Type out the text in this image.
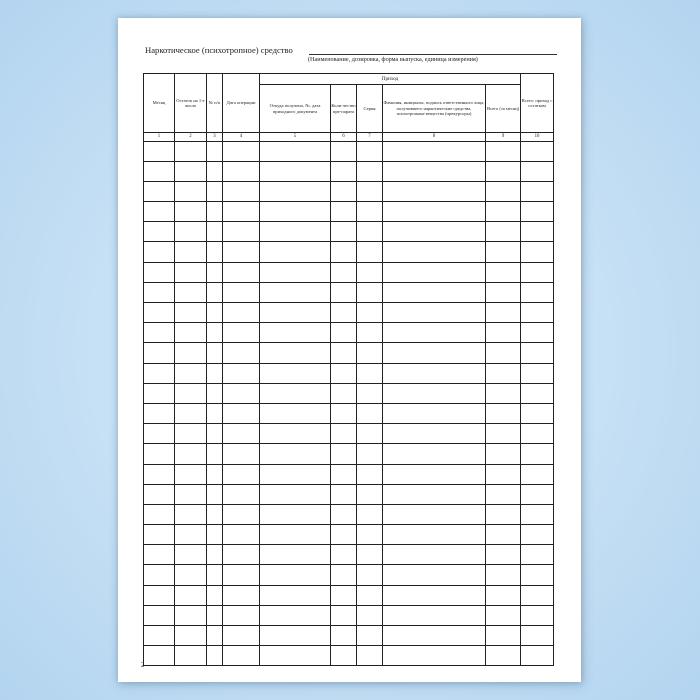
Наркотическое (психотропное) средство
(Наименование, дозировка, форма выпуска, единица измерения)
Месяц	Остаток на 1-е число	№ п/п	Дата операции	Приход					Всего: приход с остатком
				Откуда получено, №, дата приходного документа	Коли-чество пре-парата	Серия	Фамилия, инициалы, подпись ответственного лица, получившего наркотические средства, психотропные вещества (прекурсоры)	Всего (за месяц)	
1	2	3	4	5	6	7	8	9	10

2
